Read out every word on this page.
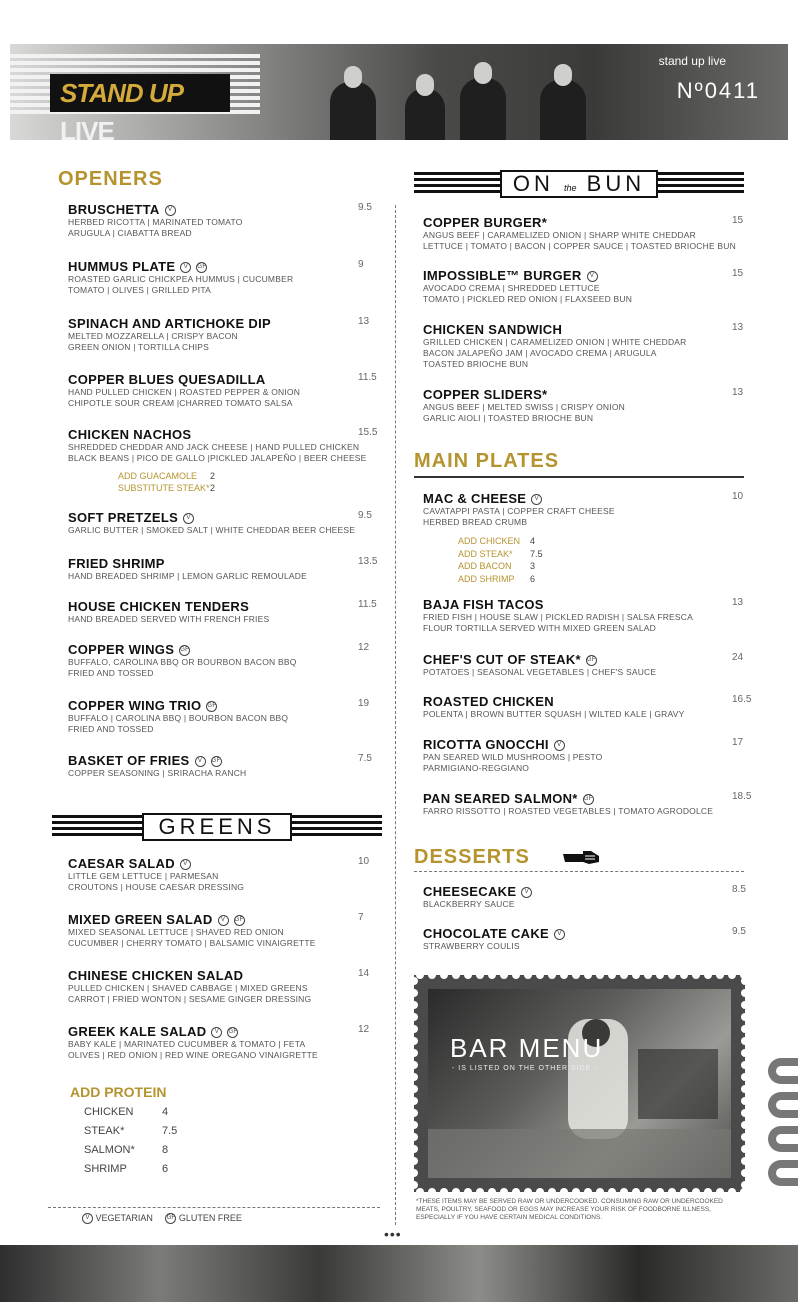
STAND UP LIVE
stand up live
Nº0411
OPENERS
BRUSCHETTA V
HERBED RICOTTA | MARINATED TOMATO
ARUGULA | CIABATTA BREAD
9.5
HUMMUS PLATE V GF
ROASTED GARLIC CHICKPEA HUMMUS | CUCUMBER
TOMATO | OLIVES | GRILLED PITA
9
SPINACH AND ARTICHOKE DIP
MELTED MOZZARELLA | CRISPY BACON
GREEN ONION | TORTILLA CHIPS
13
COPPER BLUES QUESADILLA
HAND PULLED CHICKEN | ROASTED PEPPER & ONION
CHIPOTLE SOUR CREAM |CHARRED TOMATO SALSA
11.5
CHICKEN NACHOS
SHREDDED CHEDDAR AND JACK CHEESE | HAND PULLED CHICKEN
BLACK BEANS | PICO DE GALLO |PICKLED JALAPEÑO | BEER CHEESE
15.5
SOFT PRETZELS V
GARLIC BUTTER | SMOKED SALT | WHITE CHEDDAR BEER CHEESE
9.5
FRIED SHRIMP
HAND BREADED SHRIMP | LEMON GARLIC REMOULADE
13.5
HOUSE CHICKEN TENDERS
HAND BREADED SERVED WITH FRENCH FRIES
11.5
COPPER WINGS GF
BUFFALO, CAROLINA BBQ OR BOURBON BACON BBQ
FRIED AND TOSSED
12
COPPER WING TRIO GF
BUFFALO | CAROLINA BBQ | BOURBON BACON BBQ
FRIED AND TOSSED
19
BASKET OF FRIES V GF
COPPER SEASONING | SRIRACHA RANCH
7.5
GREENS
CAESAR SALAD V
LITTLE GEM LETTUCE | PARMESAN
CROUTONS | HOUSE CAESAR DRESSING
10
MIXED GREEN SALAD V GF
MIXED SEASONAL LETTUCE | SHAVED RED ONION
CUCUMBER | CHERRY TOMATO | BALSAMIC VINAIGRETTE
7
CHINESE CHICKEN SALAD
PULLED CHICKEN | SHAVED CABBAGE | MIXED GREENS
CARROT | FRIED WONTON | SESAME GINGER DRESSING
14
GREEK KALE SALAD V GF
BABY KALE | MARINATED CUCUMBER & TOMATO | FETA
OLIVES | RED ONION | RED WINE OREGANO VINAIGRETTE
12
ADD PROTEIN
CHICKEN	4
STEAK*	7.5
SALMON* 8
SHRIMP	6
V VEGETARIAN GF GLUTEN FREE
•••
ON the BUN
COPPER BURGER*
ANGUS BEEF | CARAMELIZED ONION | SHARP WHITE CHEDDAR
LETTUCE | TOMATO | BACON | COPPER SAUCE | TOASTED BRIOCHE BUN
15
IMPOSSIBLE™ BURGER V
AVOCADO CREMA | SHREDDED LETTUCE
TOMATO | PICKLED RED ONION | FLAXSEED BUN
15
CHICKEN SANDWICH
GRILLED CHICKEN | CARAMELIZED ONION | WHITE CHEDDAR
BACON JALAPEÑO JAM | AVOCADO CREMA | ARUGULA
TOASTED BRIOCHE BUN
13
COPPER SLIDERS*
ANGUS BEEF | MELTED SWISS | CRISPY ONION
GARLIC AIOLI | TOASTED BRIOCHE BUN
13
MAIN PLATES
MAC & CHEESE V
CAVATAPPI PASTA | COPPER CRAFT CHEESE
HERBED BREAD CRUMB
10
BAJA FISH TACOS
FRIED FISH | HOUSE SLAW | PICKLED RADISH | SALSA FRESCA
FLOUR TORTILLA SERVED WITH MIXED GREEN SALAD
13
CHEF'S CUT OF STEAK* GF
POTATOES | SEASONAL VEGETABLES | CHEF'S SAUCE
24
ROASTED CHICKEN
POLENTA | BROWN BUTTER SQUASH | WILTED KALE | GRAVY
16.5
RICOTTA GNOCCHI V
PAN SEARED WILD MUSHROOMS | PESTO
PARMIGIANO-REGGIANO
17
PAN SEARED SALMON* GF
FARRO RISSOTTO | ROASTED VEGETABLES | TOMATO AGRODOLCE
18.5
DESSERTS
CHEESECAKE V
BLACKBERRY SAUCE
8.5
CHOCOLATE CAKE V
STRAWBERRY COULIS
9.5
BAR MENU
- IS LISTED ON THE OTHER SIDE -
*THESE ITEMS MAY BE SERVED RAW OR UNDERCOOKED. CONSUMING RAW OR UNDERCOOKED MEATS, POULTRY, SEAFOOD OR EGGS MAY INCREASE YOUR RISK OF FOODBORNE ILLNESS, ESPECIALLY IF YOU HAVE CERTAIN MEDICAL CONDITIONS.
ADD GUACAMOLE 2
SUBSTITUTE STEAK*2
ADD CHICKEN 4
ADD STEAK* 7.5
ADD BACON 3
ADD SHRIMP 6
